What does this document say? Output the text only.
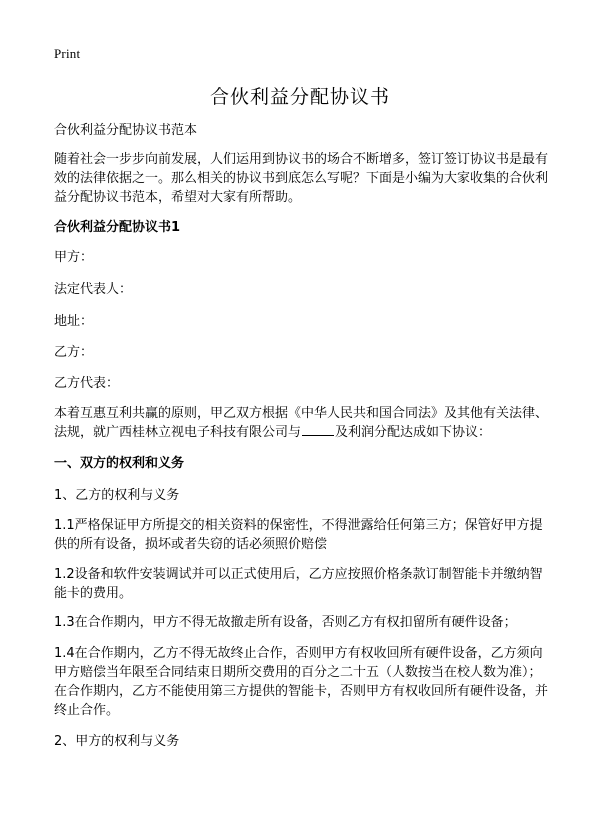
Print
合伙利益分配协议书

合伙利益分配协议书范本

随着社会一步步向前发展，人们运用到协议书的场合不断增多，签订签订协议书是最有效的法律依据之一。那么相关的协议书到底怎么写呢？下面是小编为大家收集的合伙利益分配协议书范本，希望对大家有所帮助。

合伙利益分配协议书1

甲方：

法定代表人：

地址：

乙方：

乙方代表：

本着互惠互利共赢的原则，甲乙双方根据《中华人民共和国合同法》及其他有关法律、法规，就广西桂林立视电子科技有限公司与	及利润分配达成如下协议：

一、双方的权利和义务

1、乙方的权利与义务

1.1严格保证甲方所提交的相关资料的保密性，不得泄露给任何第三方；保管好甲方提供的所有设备，损坏或者失窃的话必须照价赔偿

1.2设备和软件安装调试并可以正式使用后，乙方应按照价格条款订制智能卡并缴纳智能卡的费用。

1.3在合作期内，甲方不得无故撤走所有设备，否则乙方有权扣留所有硬件设备；

1.4在合作期内，乙方不得无故终止合作，否则甲方有权收回所有硬件设备，乙方须向甲方赔偿当年限至合同结束日期所交费用的百分之二十五（人数按当在校人数为准）；在合作期内，乙方不能使用第三方提供的智能卡，否则甲方有权收回所有硬件设备，并终止合作。

2、甲方的权利与义务
